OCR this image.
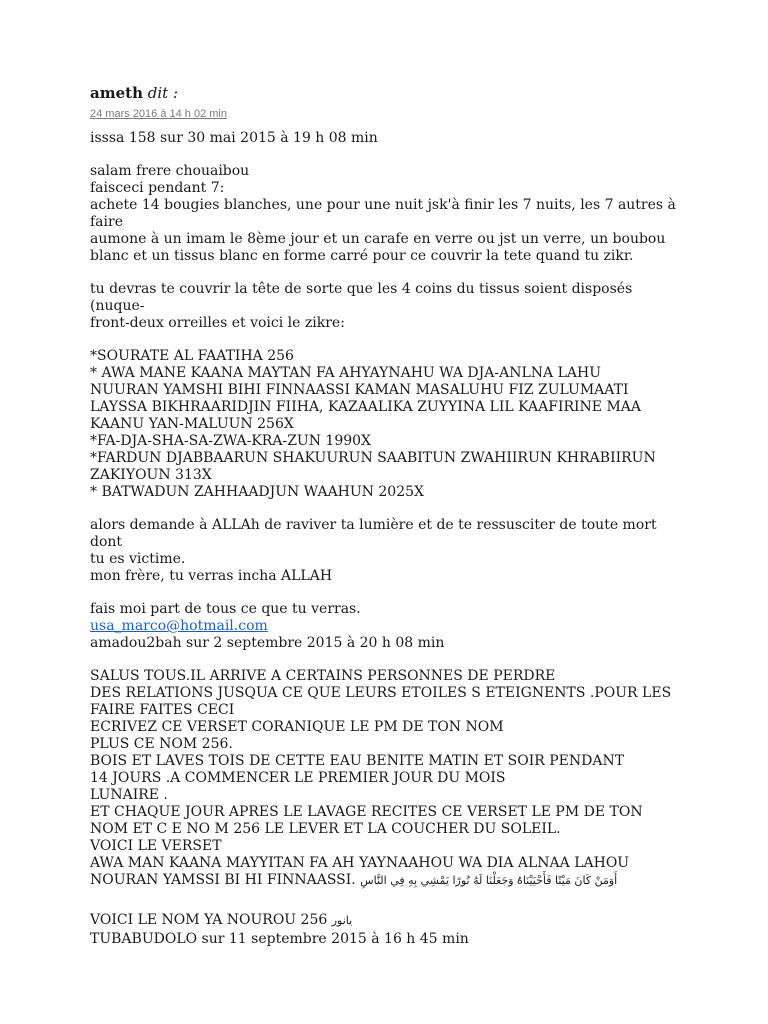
ameth dit :
24 mars 2016 à 14 h 02 min

isssa 158 sur 30 mai 2015 à 19 h 08 min

salam frere chouaibou

faisceci pendant 7:

achete 14 bougies blanches, une pour une nuit jsk'à finir les 7 nuits, les 7 autres à faire

aumone à un imam le 8ème jour et un carafe en verre ou jst un verre, un boubou

blanc et un tissus blanc en forme carré pour ce couvrir la tete quand tu zikr.

tu devras te couvrir la tête de sorte que les 4 coins du tissus soient disposés (nuque-

front-deux orreilles et voici le zikre:

*SOURATE AL FAATIHA 256

* AWA MANE KAANA MAYTAN FA AHYAYNAHU WA DJA-ANLNA LAHU

NUURAN YAMSHI BIHI FINNAASSI KAMAN MASALUHU FIZ ZULUMAATI

LAYSSA BIKHRAARIDJIN FIIHA, KAZAALIKA ZUYYINA LIL KAAFIRINE MAA

KAANU YAN-MALUUN 256X

*FA-DJA-SHA-SA-ZWA-KRA-ZUN 1990X

*FARDUN DJABBAARUN SHAKUURUN SAABITUN ZWAHIIRUN KHRABIIRUN

ZAKIYOUN 313X

* BATWADUN ZAHHAADJUN WAAHUN 2025X

alors demande à ALLAh de raviver ta lumière et de te ressusciter de toute mort dont

tu es victime.

mon frère, tu verras incha ALLAH

fais moi part de tous ce que tu verras.

usa_marco@hotmail.com

amadou2bah sur 2 septembre 2015 à 20 h 08 min

SALUS TOUS.IL ARRIVE A CERTAINS PERSONNES DE PERDRE

DES RELATIONS JUSQUA CE QUE LEURS ETOILES S ETEIGNENTS .POUR LES

FAIRE FAITES CECI

ECRIVEZ CE VERSET CORANIQUE LE PM DE TON NOM

PLUS CE NOM 256.

BOIS ET LAVES TOIS DE CETTE EAU BENITE MATIN ET SOIR PENDANT

14 JOURS .A COMMENCER LE PREMIER JOUR DU MOIS

LUNAIRE .

ET CHAQUE JOUR APRES LE LAVAGE RECITES CE VERSET LE PM DE TON

NOM ET C E NO M 256 LE LEVER ET LA COUCHER DU SOLEIL.

VOICI LE VERSET

AWA MAN KAANA MAYYITAN FA AH YAYNAAHOU WA DIA ALNAA LAHOU

NOURAN YAMSSI BI HI FINNAASSI. أَوَمَنْ كَانَ مَيْتًا فَأَحْيَيْنَاهُ وَجَعَلْنَا لَهُ نُورًا يَمْشِي بِهِ فِي النَّاسِ

VOICI LE NOM YA NOUROU 256 يانور

TUBABUDOLO sur 11 septembre 2015 à 16 h 45 min
